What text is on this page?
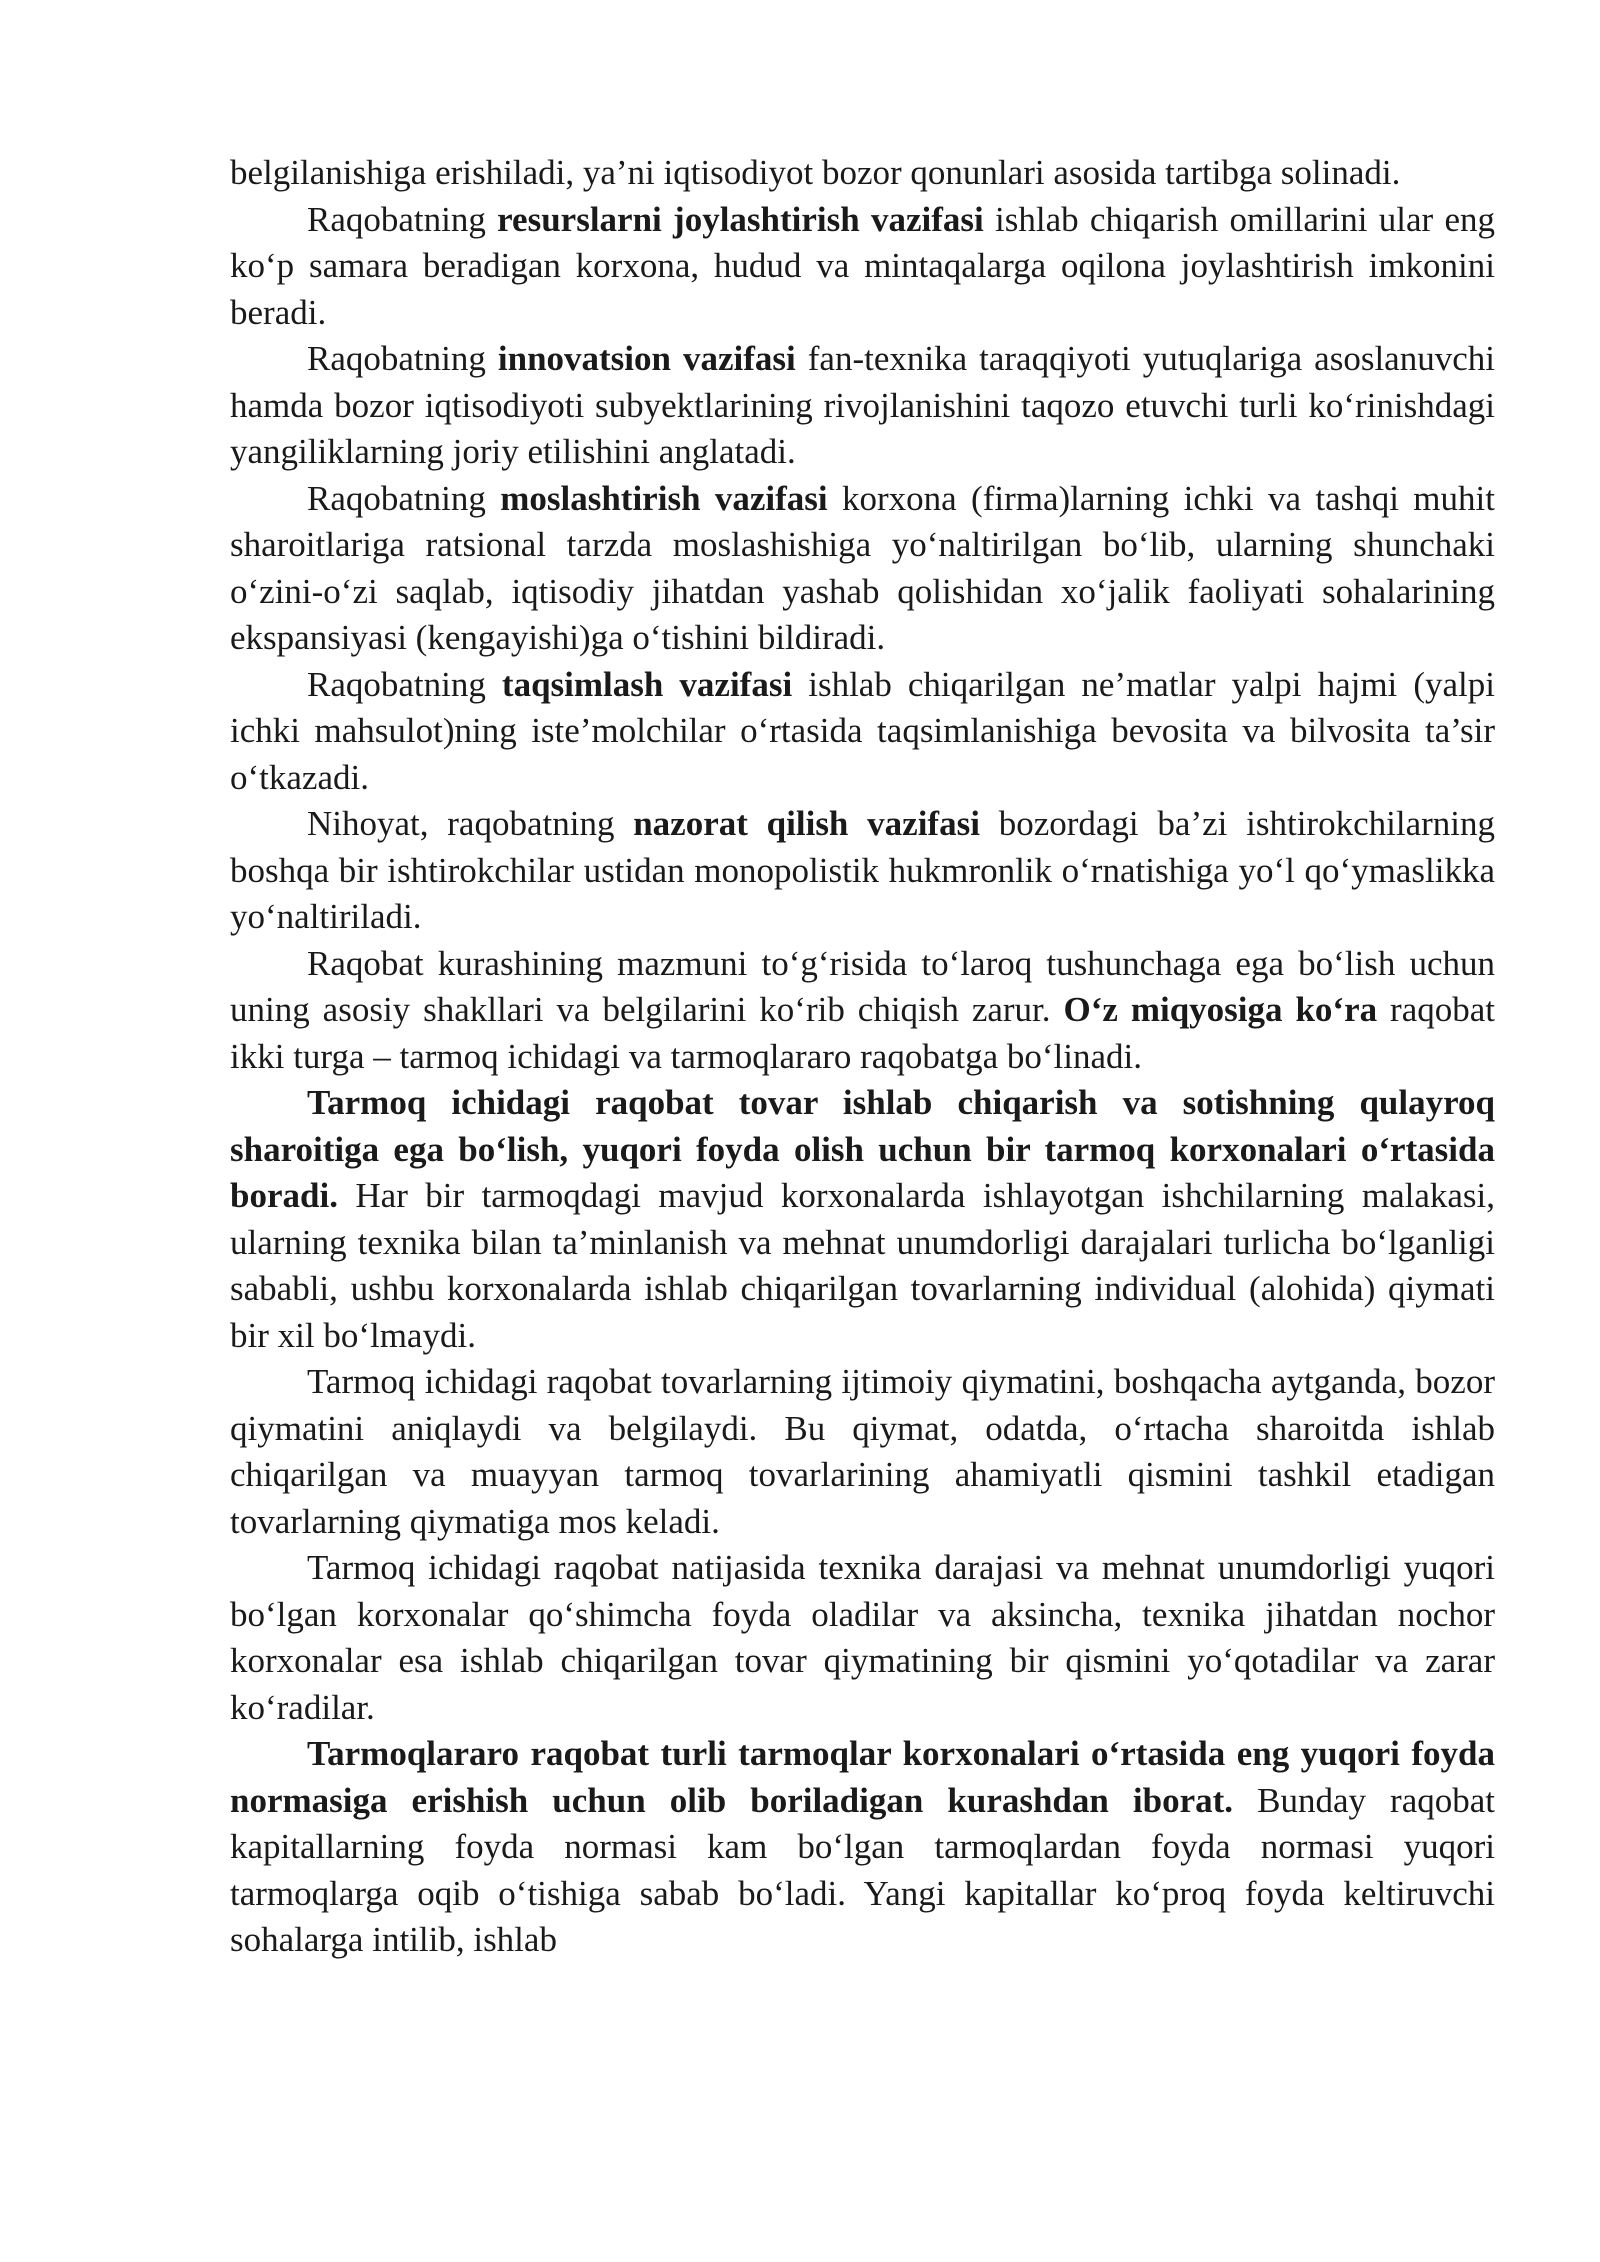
belgilanishiga erishiladi, ya’ni iqtisodiyot bozor qonunlari asosida tartibga solinadi.

Raqobatning resurslarni joylashtirish vazifasi ishlab chiqarish omillarini ular eng koʻp samara beradigan korxona, hudud va mintaqalarga oqilona joylashtirish imkonini beradi.

Raqobatning innovatsion vazifasi fan-texnika taraqqiyoti yutuqlariga asoslanuvchi hamda bozor iqtisodiyoti subyektlarining rivojlanishini taqozo etuvchi turli koʻrinishdagi yangiliklarning joriy etilishini anglatadi.

Raqobatning moslashtirish vazifasi korxona (firma)larning ichki va tashqi muhit sharoitlariga ratsional tarzda moslashishiga yoʻnaltirilgan boʻlib, ularning shunchaki oʻzini-oʻzi saqlab, iqtisodiy jihatdan yashab qolishidan xoʻjalik faoliyati sohalarining ekspansiyasi (kengayishi)ga oʻtishini bildiradi.

Raqobatning taqsimlash vazifasi ishlab chiqarilgan ne’matlar yalpi hajmi (yalpi ichki mahsulot)ning iste’molchilar oʻrtasida taqsimlanishiga bevosita va bilvosita ta’sir oʻtkazadi.

Nihoyat, raqobatning nazorat qilish vazifasi bozordagi ba’zi ishtirokchilarning boshqa bir ishtirokchilar ustidan monopolistik hukmronlik oʻrnatishiga yoʻl qoʻymaslikka yoʻnaltiriladi.

Raqobat kurashining mazmuni toʻgʻrisida toʻlaroq tushunchaga ega boʻlish uchun uning asosiy shakllari va belgilarini koʻrib chiqish zarur. Oʻz miqyosiga koʻra raqobat ikki turga – tarmoq ichidagi va tarmoqlararo raqobatga boʻlinadi.

Tarmoq ichidagi raqobat tovar ishlab chiqarish va sotishning qulayroq sharoitiga ega boʻlish, yuqori foyda olish uchun bir tarmoq korxonalari oʻrtasida boradi. Har bir tarmoqdagi mavjud korxonalarda ishlayotgan ishchilarning malakasi, ularning texnika bilan ta’minlanish va mehnat unumdorligi darajalari turlicha boʻlganligi sababli, ushbu korxonalarda ishlab chiqarilgan tovarlarning individual (alohida) qiymati bir xil boʻlmaydi.

Tarmoq ichidagi raqobat tovarlarning ijtimoiy qiymatini, boshqacha aytganda, bozor qiymatini aniqlaydi va belgilaydi. Bu qiymat, odatda, oʻrtacha sharoitda ishlab chiqarilgan va muayyan tarmoq tovarlarining ahamiyatli qismini tashkil etadigan tovarlarning qiymatiga mos keladi.

Tarmoq ichidagi raqobat natijasida texnika darajasi va mehnat unumdorligi yuqori boʻlgan korxonalar qoʻshimcha foyda oladilar va aksincha, texnika jihatdan nochor korxonalar esa ishlab chiqarilgan tovar qiymatining bir qismini yoʻqotadilar va zarar koʻradilar.

Tarmoqlararo raqobat turli tarmoqlar korxonalari oʻrtasida eng yuqori foyda normasiga erishish uchun olib boriladigan kurashdan iborat. Bunday raqobat kapitallarning foyda normasi kam boʻlgan tarmoqlardan foyda normasi yuqori tarmoqlarga oqib oʻtishiga sabab boʻladi. Yangi kapitallar koʻproq foyda keltiruvchi sohalarga intilib, ishlab
